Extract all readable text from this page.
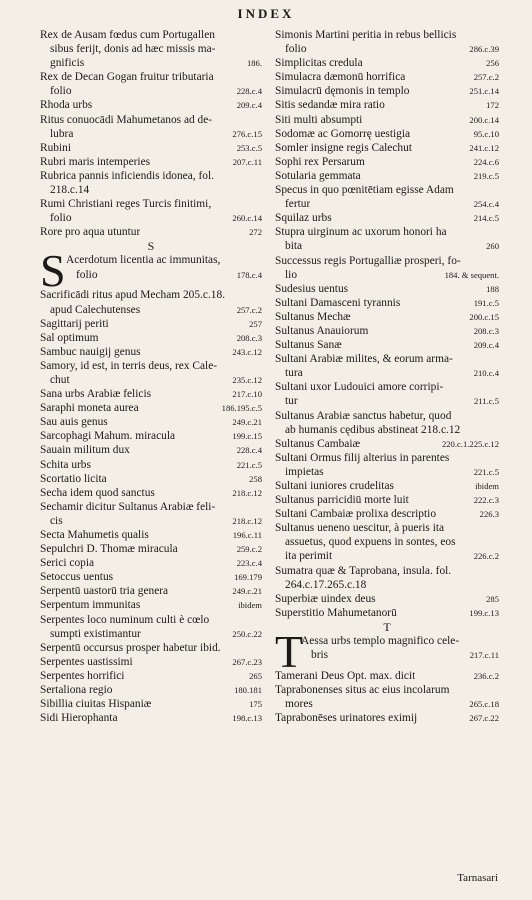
INDEX
Rex de Ausam fœdus cum Portugallen
sibus ferijt, donis ad hæc missis ma-
gnificis	186.
Rex de Decan Gogan fruitur tributaria
folio	228.c.4
Rhoda urbs	209.c.4
Ritus conuocādi Mahumetanos ad de-
lubra	276.c.15
Rubini	253.c.5
Rubri maris intemperies	207.c.11
Rubrica pannis inficiendis idonea, fol.
218.c.14
Rumi Christiani reges Turcis finitimi,
folio	260.c.14
Rore pro aqua utuntur	272
S
S Acerdotum licentia ac immunitas,
folio	178.c.4
Sacrificādi ritus apud Mecham 205.c.18.
apud Calechutenses	257.c.2
Sagittarij periti	257
Sal optimum	208.c.3
Sambuc nauigij genus	243.c.12
Samory, id est, in terris deus, rex Cale-
chut	235.c.12
Sana urbs Arabiæ felicis	217.c.10
Saraphi moneta aurea	186.195.c.5
Sau auis genus	249.c.21
Sarcophagi Mahum. miracula	199.c.15
Sauain militum dux	228.c.4
Schita urbs	221.c.5
Scortatio licita	258
Secha idem quod sanctus	218.c.12
Sechamir dicitur Sultanus Arabiæ feli-
cis	218.c.12
Secta Mahumetis qualis	196.c.11
Sepulchri D. Thomæ miracula	259.c.2
Serici copia	223.c.4
Setoccus uentus	169.179
Serpentū uastorū tria genera	249.c.21
Serpentum immunitas	ibidem
Serpentes loco numinum culti è cœlo
sumpti existimantur	250.c.22
Serpentū occursus prosper habetur ibid.
Serpentes uastissimi	267.c.23
Serpentes horrifici	265
Sertaliona regio	180.181
Sibillia ciuitas Hispaniæ	175
Sidi Hierophanta	198.c.13
Simonis Martini peritia in rebus bellicis
folio	286.c.39
Simplicitas credula	256
Simulacra dæmonū horrifica	257.c.2
Simulacrū dęmonis in templo	251.c.14
Sitis sedandæ mira ratio	172
Siti multi absumpti	200.c.14
Sodomæ ac Gomorrę uestigia	95.c.10
Somler insigne regis Calechut	241.c.12
Sophi rex Persarum	224.c.6
Sotularia gemmata	219.c.5
Specus in quo pœnitētiam egisse Adam
fertur	254.c.4
Squilaz urbs	214.c.5
Stupra uirginum ac uxorum honori ha
bita	260
Successus regis Portugalliæ prosperi, fo-
lio	184. & sequent.
Sudesius uentus	188
Sultani Damasceni tyrannis	191.c.5
Sultanus Mechæ	200.c.15
Sultanus Anauiorum	208.c.3
Sultanus Sanæ	209.c.4
Sultani Arabiæ milites, & eorum arma-
tura	210.c.4
Sultani uxor Ludouici amore corripi-
tur	211.c.5
Sultanus Arabiæ sanctus habetur, quod
ab humanis cędibus abstineat 218.c.12
Sultanus Cambaiæ	220.c.1.225.c.12
Sultani Ormus filij alterius in parentes
impietas	221.c.5
Sultani iuniores crudelitas	ibidem
Sultanus parricidiū morte luit	222.c.3
Sultani Cambaiæ prolixa descriptio	226.3
Sultanus ueneno uescitur, à pueris ita
assuetus, quod expuens in sontes, eos
ita perimit	226.c.2
Sumatra quæ & Taprobana, insula. fol.
264.c.17.265.c.18
Superbiæ uindex deus	285
Superstitio Mahumetanorū	199.c.13
T
T
Aessa urbs templo magnifico cele-
bris	217.c.11
Tamerani Deus Opt. max. dicit	236.c.2
Taprabonenses situs ac eius incolarum
mores	265.c.18
Taprabonēses urinatores eximij	267.c.22
Tarnasari
